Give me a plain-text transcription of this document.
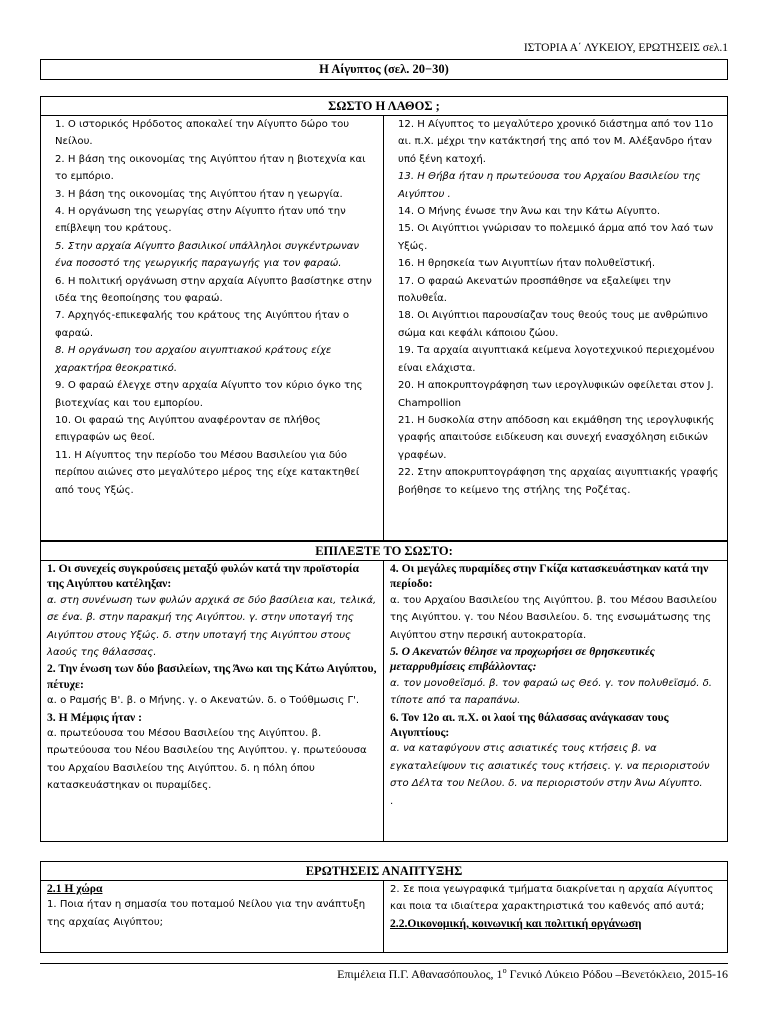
ΙΣΤΟΡΙΑ Α΄ ΛΥΚΕΙΟΥ, ΕΡΩΤΗΣΕΙΣ σελ.1
Η Αίγυπτος (σελ. 20−30)
ΣΩΣΤΟ Η ΛΑΘΟΣ ;

1. Ο ιστορικός Ηρόδοτος αποκαλεί την Αίγυπτο δώρο του Νείλου.

2. Η βάση της οικονομίας της Αιγύπτου ήταν η βιοτεχνία και το εμπόριο.

3. Η βάση της οικονομίας της Αιγύπτου ήταν η γεωργία.

4. Η οργάνωση της γεωργίας στην Αίγυπτο ήταν υπό την επίβλεψη του κράτους.

5. Στην αρχαία Αίγυπτο βασιλικοί υπάλληλοι συγκέντρωναν ένα ποσοστό της γεωργικής παραγωγής για τον φαραώ.

6. Η πολιτική οργάνωση στην αρχαία Αίγυπτο βασίστηκε στην ιδέα της θεοποίησης του φαραώ.

7. Αρχηγός-επικεφαλής του κράτους της Αιγύπτου ήταν ο φαραώ.

8. Η οργάνωση του αρχαίου αιγυπτιακού κράτους είχε χαρακτήρα θεοκρατικό.

9. Ο φαραώ έλεγχε στην αρχαία Αίγυπτο τον κύριο όγκο της βιοτεχνίας και του εμπορίου.

10. Οι φαραώ της Αιγύπτου αναφέρονταν σε πλήθος επιγραφών ως θεοί.

11. Η Αίγυπτος την περίοδο του Μέσου Βασιλείου για δύο περίπου αιώνες στο μεγαλύτερο μέρος της είχε κατακτηθεί από τους Υξώς.

12. Η Αίγυπτος το μεγαλύτερο χρονικό διάστημα από τον 11ο αι. π.Χ. μέχρι την κατάκτησή της από τον Μ. Αλέξανδρο ήταν υπό ξένη κατοχή.

13. Η Θήβα ήταν η πρωτεύουσα του Αρχαίου Βασιλείου της Αιγύπτου .

14. Ο Μήνης ένωσε την Άνω και την Κάτω Αίγυπτο.

15. Οι Αιγύπτιοι γνώρισαν το πολεμικό άρμα από τον λαό των Υξώς.

16. Η θρησκεία των Αιγυπτίων ήταν πολυθεϊστική.

17. Ο φαραώ Ακενατών προσπάθησε να εξαλείψει την πολυθεΐα.

18. Οι Αιγύπτιοι παρουσίαζαν τους θεούς τους με ανθρώπινο σώμα και κεφάλι κάποιου ζώου.

19. Τα αρχαία αιγυπτιακά κείμενα λογοτεχνικού περιεχομένου είναι ελάχιστα.

20. Η αποκρυπτογράφηση των ιερογλυφικών οφείλεται στον J. Champollion

21. Η δυσκολία στην απόδοση και εκμάθηση της ιερογλυφικής γραφής απαιτούσε ειδίκευση και συνεχή ενασχόληση ειδικών γραφέων.

22. Στην αποκρυπτογράφηση της αρχαίας αιγυπτιακής γραφής βοήθησε το κείμενο της στήλης της Ροζέτας.

ΕΠΙΛΕΞΤΕ ΤΟ ΣΩΣΤΟ:

1. Οι συνεχείς συγκρούσεις μεταξύ φυλών κατά την προϊστορία της Αιγύπτου κατέληξαν:

α. στη συνένωση των φυλών αρχικά σε δύο βασίλεια και, τελικά, σε ένα. β. στην παρακμή της Αιγύπτου. γ. στην υποταγή της Αιγύπτου στους Υξώς. δ. στην υποταγή της Αιγύπτου στους λαούς της θάλασσας.

2. Την ένωση των δύο βασιλείων, της Άνω και της Κάτω Αιγύπτου, πέτυχε:

α. ο Ραμσής Β'. β. ο Μήνης. γ. ο Ακενατών. δ. ο Τούθμωσις Γ'.

3. Η Μέμφις ήταν :

α. πρωτεύουσα του Μέσου Βασιλείου της Αιγύπτου. β. πρωτεύουσα του Νέου Βασιλείου της Αιγύπτου. γ. πρωτεύουσα του Αρχαίου Βασιλείου της Αιγύπτου. δ. η πόλη όπου κατασκευάστηκαν οι πυραμίδες.

4. Οι μεγάλες πυραμίδες στην Γκίζα κατασκευάστηκαν κατά την περίοδο:

α. του Αρχαίου Βασιλείου της Αιγύπτου. β. του Μέσου Βασιλείου της Αιγύπτου. γ. του Νέου Βασιλείου. δ. της ενσωμάτωσης της Αιγύπτου στην περσική αυτοκρατορία.

5. Ο Ακενατών θέλησε να προχωρήσει σε θρησκευτικές μεταρρυθμίσεις επιβάλλοντας:

α. τον μονοθεϊσμό. β. τον φαραώ ως Θεό. γ. τον πολυθεϊσμό. δ. τίποτε από τα παραπάνω.

6. Τον 12ο αι. π.Χ. οι λαοί της θάλασσας ανάγκασαν τους Αιγυπτίους:

α. να καταφύγουν στις ασιατικές τους κτήσεις β. να εγκαταλείψουν τις ασιατικές τους κτήσεις. γ. να περιοριστούν στο Δέλτα του Νείλου. δ. να περιοριστούν στην Άνω Αίγυπτο.

.

ΕΡΩΤΗΣΕΙΣ ΑΝΑΠΤΥΞΗΣ

2.1 Η χώρα

1. Ποια ήταν η σημασία του ποταμού Νείλου για την ανάπτυξη της αρχαίας Αιγύπτου;

2. Σε ποια γεωγραφικά τμήματα διακρίνεται η αρχαία Αίγυπτος και ποια τα ιδιαίτερα χαρακτηριστικά του καθενός από αυτά;

2.2.Οικονομική, κοινωνική και πολιτική οργάνωση

Επιμέλεια Π.Γ. Αθανασόπουλος, $1^o$ Γενικό Λύκειο Ρόδου –Βενετόκλειο, 2015-16
